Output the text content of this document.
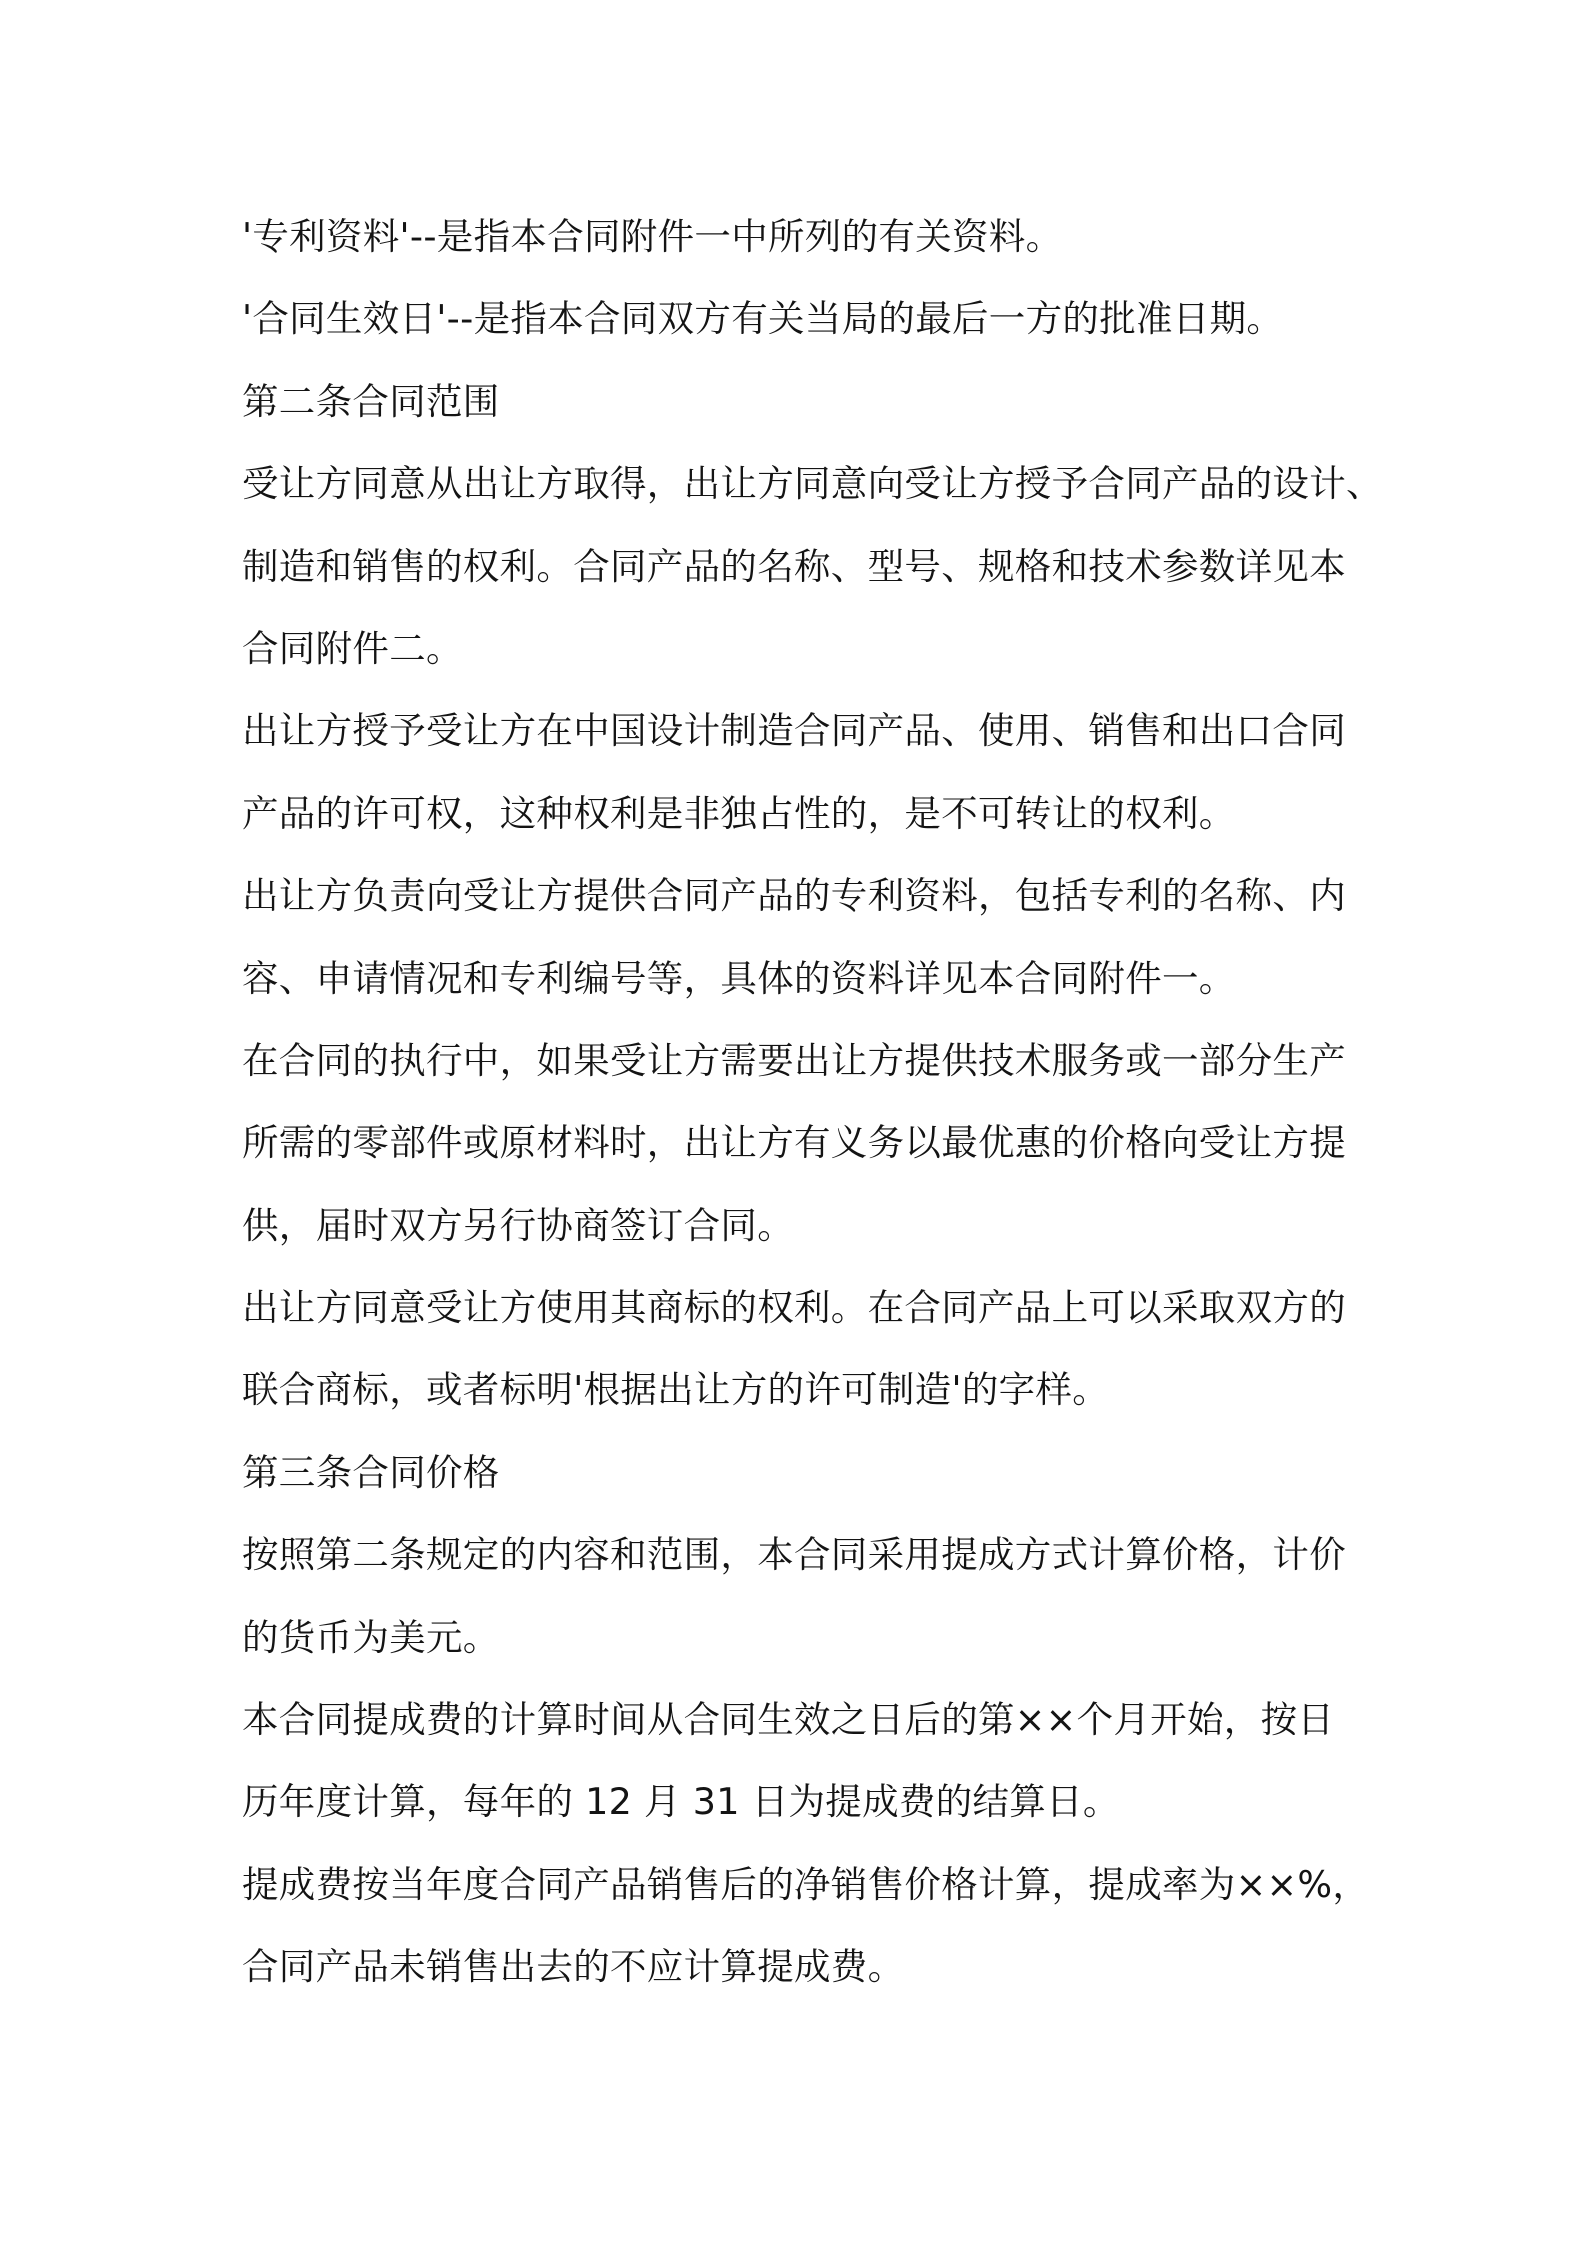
'专利资料'--是指本合同附件一中所列的有关资料。
'合同生效日'--是指本合同双方有关当局的最后一方的批准日期。
第二条合同范围
受让方同意从出让方取得，出让方同意向受让方授予合同产品的设计、
制造和销售的权利。合同产品的名称、型号、规格和技术参数详见本
合同附件二。
出让方授予受让方在中国设计制造合同产品、使用、销售和出口合同
产品的许可权，这种权利是非独占性的，是不可转让的权利。
出让方负责向受让方提供合同产品的专利资料，包括专利的名称、内
容、申请情况和专利编号等，具体的资料详见本合同附件一。
在合同的执行中，如果受让方需要出让方提供技术服务或一部分生产
所需的零部件或原材料时，出让方有义务以最优惠的价格向受让方提
供，届时双方另行协商签订合同。
出让方同意受让方使用其商标的权利。在合同产品上可以采取双方的
联合商标，或者标明'根据出让方的许可制造'的字样。
第三条合同价格
按照第二条规定的内容和范围，本合同采用提成方式计算价格，计价
的货币为美元。
本合同提成费的计算时间从合同生效之日后的第××个月开始，按日
历年度计算，每年的 12 月 31 日为提成费的结算日。
提成费按当年度合同产品销售后的净销售价格计算，提成率为××%，
合同产品未销售出去的不应计算提成费。
